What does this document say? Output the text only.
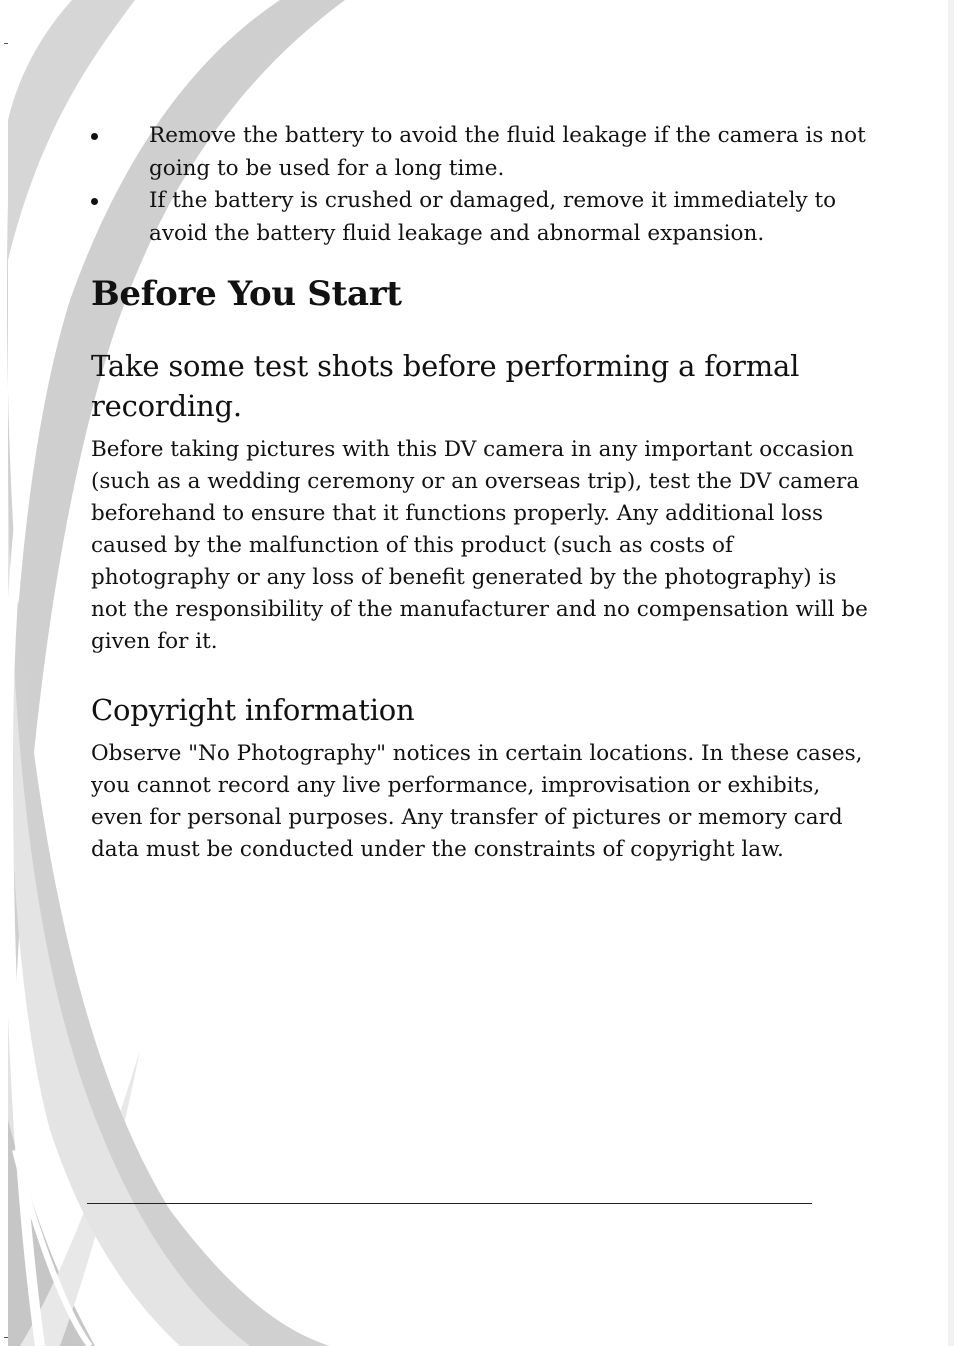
Remove the battery to avoid the fluid leakage if the camera is not going to be used for a long time.
If the battery is crushed or damaged, remove it immediately to avoid the battery fluid leakage and abnormal expansion.
Before You Start
Take some test shots before performing a formal recording.

Before taking pictures with this DV camera in any important occasion (such as a wedding ceremony or an overseas trip), test the DV camera beforehand to ensure that it functions properly. Any additional loss caused by the malfunction of this product (such as costs of photography or any loss of benefit generated by the photography) is not the responsibility of the manufacturer and no compensation will be given for it.

Copyright information

Observe "No Photography" notices in certain locations. In these cases, you cannot record any live performance, improvisation or exhibits, even for personal purposes. Any transfer of pictures or memory card data must be conducted under the constraints of copyright law.
